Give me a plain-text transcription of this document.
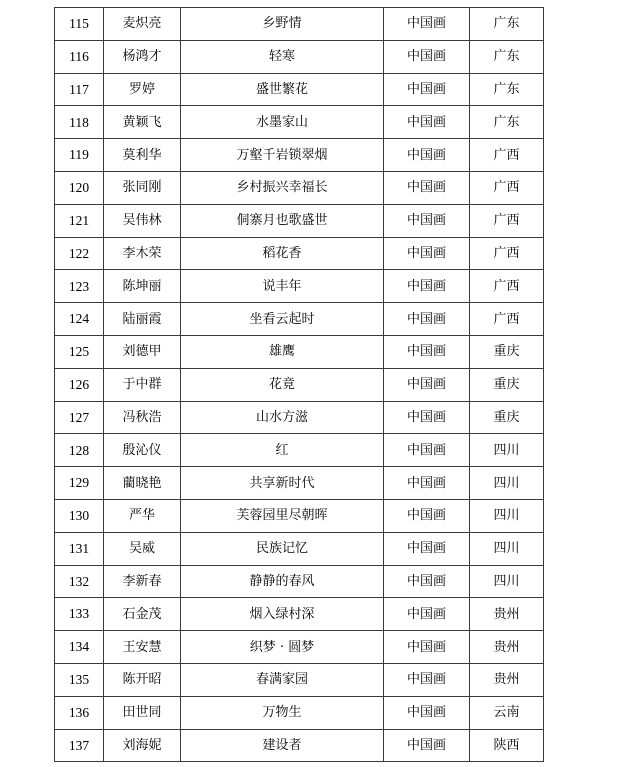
115	麦炽亮	乡野情	中国画	广东
116	杨鸿才	轻寒	中国画	广东
117	罗婷	盛世繁花	中国画	广东
118	黄颖飞	水墨家山	中国画	广东
119	莫利华	万壑千岩锁翠烟	中国画	广西
120	张同刚	乡村振兴幸福长	中国画	广西
121	吴伟林	侗寨月也歌盛世	中国画	广西
122	李木荣	稻花香	中国画	广西
123	陈坤丽	说丰年	中国画	广西
124	陆丽霞	坐看云起时	中国画	广西
125	刘德甲	雄鹰	中国画	重庆
126	于中群	花竟	中国画	重庆
127	冯秋浩	山水方滋	中国画	重庆
128	殷沁仪	红	中国画	四川
129	藺晓艳	共享新时代	中国画	四川
130	严华	芙蓉园里尽朝晖	中国画	四川
131	吴威	民族记忆	中国画	四川
132	李新春	静静的春风	中国画	四川
133	石金茂	烟入绿村深	中国画	贵州
134	王安慧	织梦 · 圆梦	中国画	贵州
135	陈开昭	春满家园	中国画	贵州
136	田世同	万物生	中国画	云南
137	刘海妮	建设者	中国画	陕西
